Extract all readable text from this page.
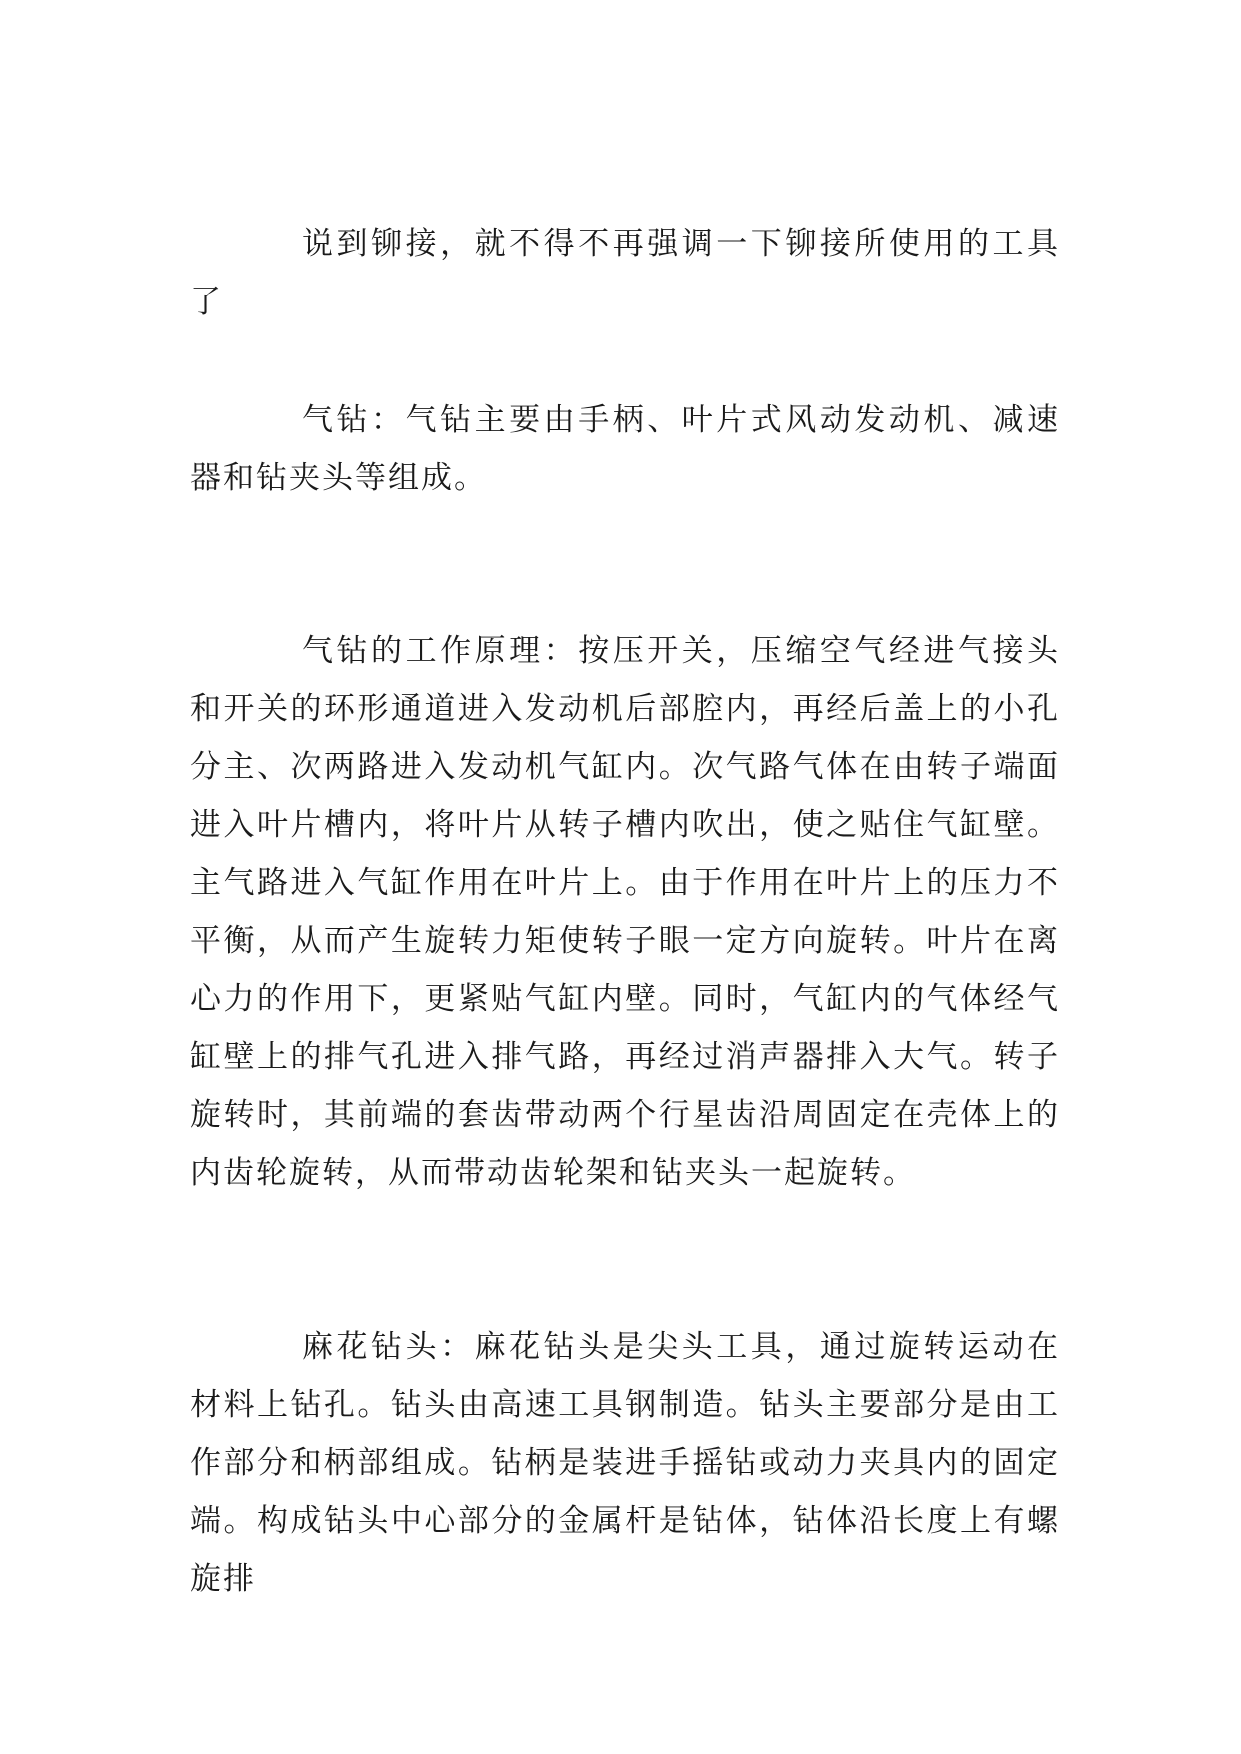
说到铆接，就不得不再强调一下铆接所使用的工具了

气钻：气钻主要由手柄、叶片式风动发动机、减速器和钻夹头等组成。

气钻的工作原理：按压开关，压缩空气经进气接头和开关的环形通道进入发动机后部腔内，再经后盖上的小孔分主、次两路进入发动机气缸内。次气路气体在由转子端面进入叶片槽内，将叶片从转子槽内吹出，使之贴住气缸壁。主气路进入气缸作用在叶片上。由于作用在叶片上的压力不平衡，从而产生旋转力矩使转子眼一定方向旋转。叶片在离心力的作用下，更紧贴气缸内壁。同时，气缸内的气体经气缸壁上的排气孔进入排气路，再经过消声器排入大气。转子旋转时，其前端的套齿带动两个行星齿沿周固定在壳体上的内齿轮旋转，从而带动齿轮架和钻夹头一起旋转。

麻花钻头：麻花钻头是尖头工具，通过旋转运动在材料上钻孔。钻头由高速工具钢制造。钻头主要部分是由工作部分和柄部组成。钻柄是装进手摇钻或动力夹具内的固定端。构成钻头中心部分的金属杆是钻体，钻体沿长度上有螺旋排
